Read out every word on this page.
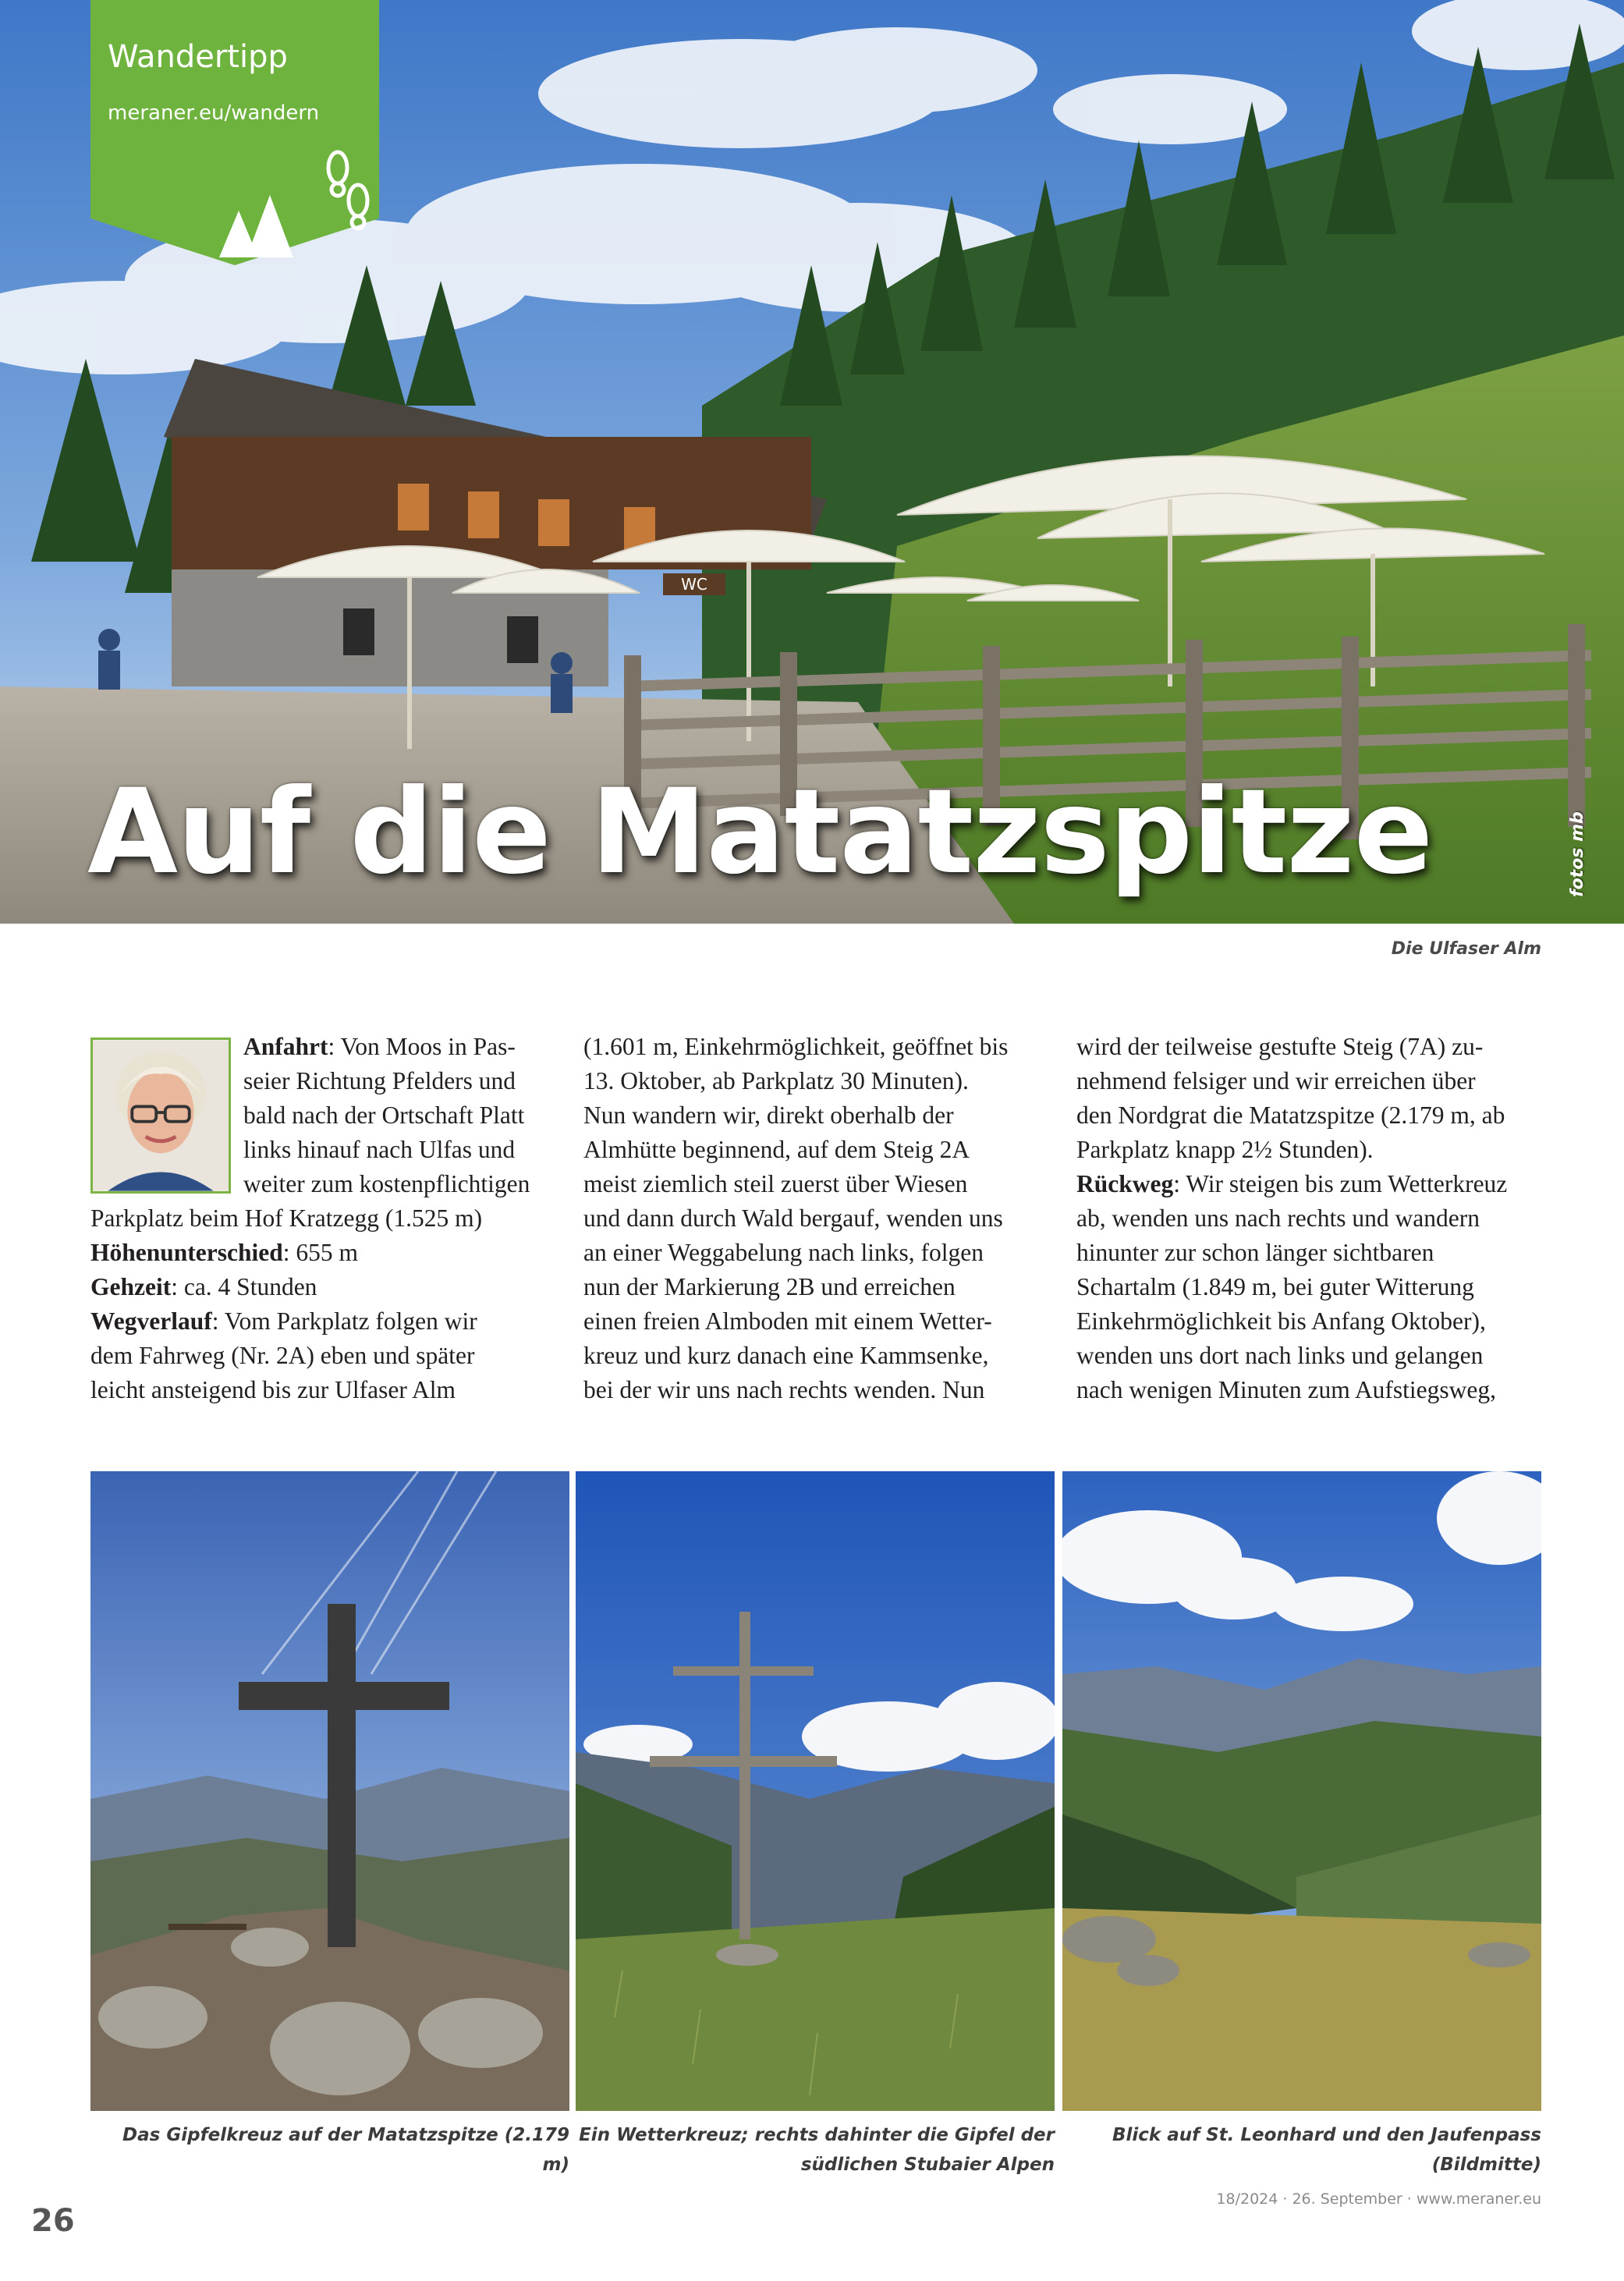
WC
Auf die Matatzspitze	fotos mb
Wandertipp
meraner.eu/wandern
Die Ulfaser Alm
Anfahrt: Von Moos in Pas-
seier Richtung Pfelders und
bald nach der Ortschaft Platt
links hinauf nach Ulfas und
weiter zum kostenpflichtigen
Parkplatz beim Hof Kratzegg (1.525 m)
Höhenunterschied: 655 m
Gehzeit: ca. 4 Stunden
Wegverlauf: Vom Parkplatz folgen wir
dem Fahrweg (Nr. 2A) eben und später
leicht ansteigend bis zur Ulfaser Alm
(1.601 m, Einkehrmöglichkeit, geöffnet bis
13. Oktober, ab Parkplatz 30 Minuten).
Nun wandern wir, direkt oberhalb der
Almhütte beginnend, auf dem Steig 2A
meist ziemlich steil zuerst über Wiesen
und dann durch Wald bergauf, wenden uns
an einer Weggabelung nach links, folgen
nun der Markierung 2B und erreichen
einen freien Almboden mit einem Wetter-
kreuz und kurz danach eine Kammsenke,
bei der wir uns nach rechts wenden. Nun
wird der teilweise gestufte Steig (7A) zu-
nehmend felsiger und wir erreichen über
den Nordgrat die Matatzspitze (2.179 m, ab
Parkplatz knapp 2½ Stunden).
Rückweg: Wir steigen bis zum Wetterkreuz
ab, wenden uns nach rechts und wandern
hinunter zur schon länger sichtbaren
Schartalm (1.849 m, bei guter Witterung
Einkehrmöglichkeit bis Anfang Oktober),
wenden uns dort nach links und gelangen
nach wenigen Minuten zum Aufstiegsweg,
Das Gipfelkreuz auf der Matatzspitze (2.179 m)
Ein Wetterkreuz; rechts dahinter die Gipfel der
südlichen Stubaier Alpen
Blick auf St. Leonhard und den Jaufenpass
(Bildmitte)
26
18/2024 · 26. September · www.meraner.eu
